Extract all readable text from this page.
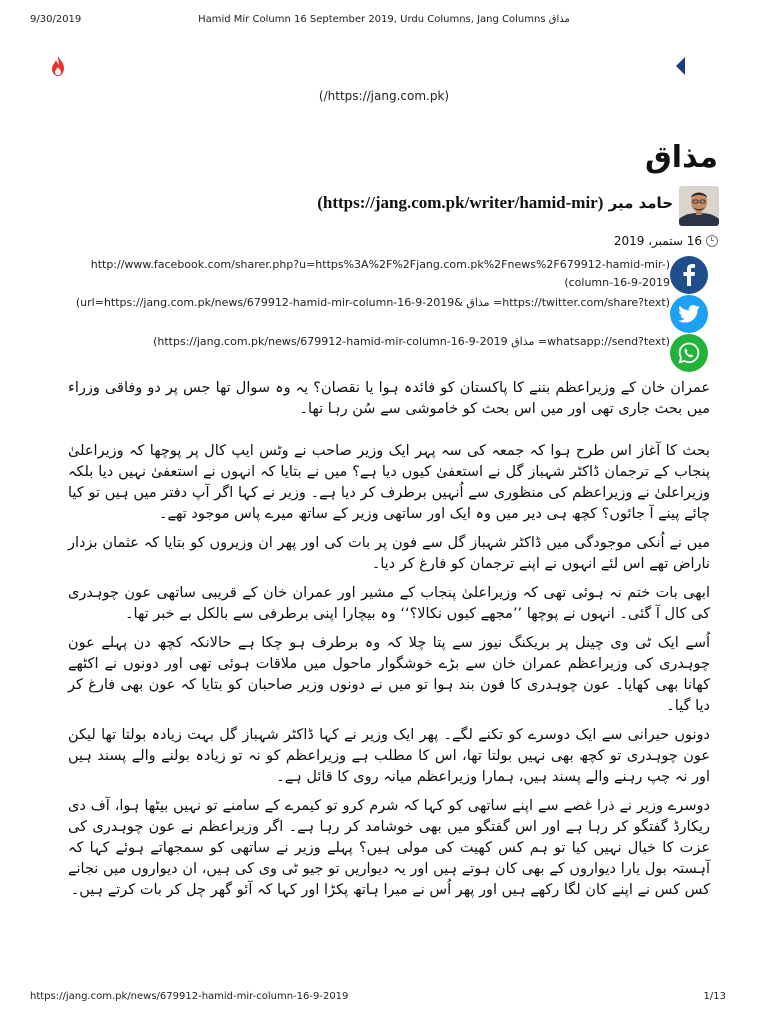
9/30/2019	Hamid Mir Column 16 September 2019, Urdu Columns, Jang Columns مذاق
(/https://jang.com.pk)
مذاق
حامد میر (https://jang.com.pk/writer/hamid-mir)
16 ستمبر، 2019
http://www.facebook.com/sharer.php?u=https%3A%2F%2Fjang.com.pk%2Fnews%2F679912-hamid-mir-)
(column-16-9-2019
(url=https://jang.com.pk/news/679912-hamid-mir-column-16-9-2019& مذاق =https://twitter.com/share?text)
(https://jang.com.pk/news/679912-hamid-mir-column-16-9-2019 مذاق =whatsapp://send?text)

عمران خان کے وزیراعظم بننے کا پاکستان کو فائدہ ہوا یا نقصان؟ یہ وہ سوال تھا جس پر دو وفاقی وزراء میں بحث جاری تھی اور میں اس بحث کو خاموشی سے سُن رہا تھا۔

بحث کا آغاز اس طرح ہوا کہ جمعہ کی سہ پہر ایک وزیر صاحب نے وٹس ایپ کال پر پوچھا کہ وزیراعلیٰ پنجاب کے ترجمان ڈاکٹر شہباز گل نے استعفیٰ کیوں دیا ہے؟ میں نے بتایا کہ انہوں نے استعفیٰ نہیں دیا بلکہ وزیراعلیٰ نے وزیراعظم کی منظوری سے اُنہیں برطرف کر دیا ہے۔ وزیر نے کہا اگر آپ دفتر میں ہیں تو کیا چائے پینے آ جائوں؟ کچھ ہی دیر میں وہ ایک اور ساتھی وزیر کے ساتھ میرے پاس موجود تھے۔

میں نے اُنکی موجودگی میں ڈاکٹر شہباز گل سے فون پر بات کی اور پھر ان وزیروں کو بتایا کہ عثمان بزدار ناراض تھے اس لئے انہوں نے اپنے ترجمان کو فارغ کر دیا۔

ابھی بات ختم نہ ہوئی تھی کہ وزیراعلیٰ پنجاب کے مشیر اور عمران خان کے قریبی ساتھی عون چوہدری کی کال آ گئی۔ انہوں نے پوچھا ’’مجھے کیوں نکالا؟‘‘ وہ بیچارا اپنی برطرفی سے بالکل بے خبر تھا۔

اُسے ایک ٹی وی چینل پر بریکنگ نیوز سے پتا چلا کہ وہ برطرف ہو چکا ہے حالانکہ کچھ دن پہلے عون چوہدری کی وزیراعظم عمران خان سے بڑے خوشگوار ماحول میں ملاقات ہوئی تھی اور دونوں نے اکٹھے کھانا بھی کھایا۔ عون چوہدری کا فون بند ہوا تو میں نے دونوں وزیر صاحبان کو بتایا کہ عون بھی فارغ کر دیا گیا۔

دونوں حیرانی سے ایک دوسرے کو تکنے لگے۔ پھر ایک وزیر نے کہا ڈاکٹر شہباز گل بہت زیادہ بولتا تھا لیکن عون چوہدری تو کچھ بھی نہیں بولتا تھا، اس کا مطلب ہے وزیراعظم کو نہ تو زیادہ بولنے والے پسند ہیں اور نہ چپ رہنے والے پسند ہیں، ہمارا وزیراعظم میانہ روی کا قائل ہے۔

دوسرے وزیر نے ذرا غصے سے اپنے ساتھی کو کہا کہ شرم کرو تو کیمرے کے سامنے تو نہیں بیٹھا ہوا، آف دی ریکارڈ گفتگو کر رہا ہے اور اس گفتگو میں بھی خوشامد کر رہا ہے۔ اگر وزیراعظم نے عون چوہدری کی عزت کا خیال نہیں کیا تو ہم کس کھیت کی مولی ہیں؟ پہلے وزیر نے ساتھی کو سمجھاتے ہوئے کہا کہ آہستہ بول یارا دیواروں کے بھی کان ہوتے ہیں اور یہ دیواریں تو جیو ٹی وی کی ہیں، ان دیواروں میں نجانے کس کس نے اپنے کان لگا رکھے ہیں اور پھر اُس نے میرا ہاتھ پکڑا اور کہا کہ آئو گھر چل کر بات کرتے ہیں۔

https://jang.com.pk/news/679912-hamid-mir-column-16-9-2019	1/13
